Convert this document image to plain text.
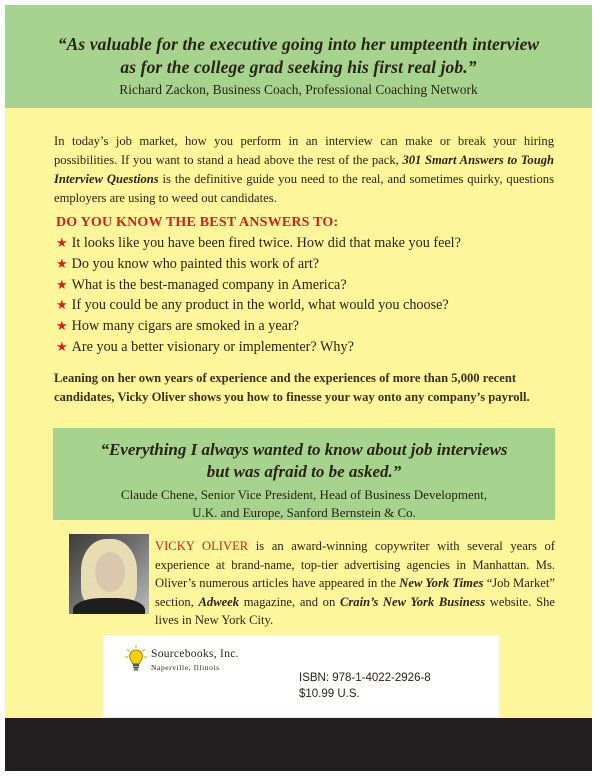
“As valuable for the executive going into her umpteenth interview
as for the college grad seeking his first real job.”
Richard Zackon, Business Coach, Professional Coaching Network
In today’s job market, how you perform in an interview can make or break your hiring possibilities. If you want to stand a head above the rest of the pack, 301 Smart Answers to Tough Interview Questions is the definitive guide you need to the real, and sometimes quirky, questions employers are using to weed out candidates.
DO YOU KNOW THE BEST ANSWERS TO:
★ It looks like you have been fired twice. How did that make you feel?
★ Do you know who painted this work of art?
★ What is the best-managed company in America?
★ If you could be any product in the world, what would you choose?
★ How many cigars are smoked in a year?
★ Are you a better visionary or implementer? Why?
Leaning on her own years of experience and the experiences of more than 5,000 recent candidates, Vicky Oliver shows you how to finesse your way onto any company’s payroll.
“Everything I always wanted to know about job interviews
but was afraid to be asked.”
Claude Chene, Senior Vice President, Head of Business Development,
U.K. and Europe, Sanford Bernstein & Co.
VICKY OLIVER is an award-winning copywriter with several years of experience at brand-name, top-tier advertising agencies in Manhattan. Ms. Oliver’s numerous articles have appeared in the New York Times “Job Market” section, Adweek magazine, and on Crain’s New York Business website. She lives in New York City.
Sourcebooks, Inc.
Naperville, Illinois
ISBN: 978-1-4022-2926-8
$10.99 U.S.
